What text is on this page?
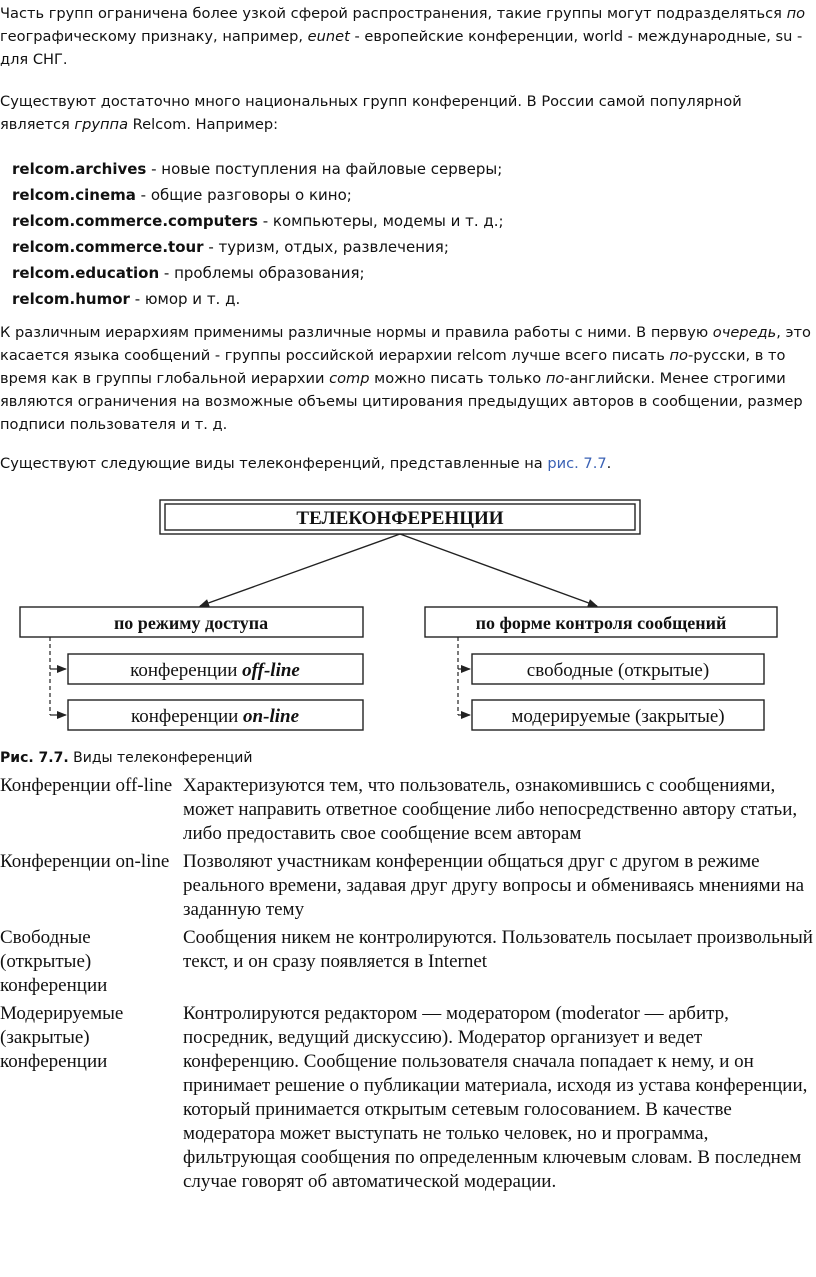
Часть групп ограничена более узкой сферой распространения, такие группы могут подразделяться по географическому признаку, например, eunet - европейские конференции, world - международные, su - для СНГ.

Существуют достаточно много национальных групп конференций. В России самой популярной является группа Relcom. Например:

relcom.archives - новые поступления на файловые серверы;
relcom.cinema - общие разговоры о кино;
relcom.commerce.computers - компьютеры, модемы и т. д.;
relcom.commerce.tour - туризм, отдых, развлечения;
relcom.education - проблемы образования;
relcom.humor - юмор и т. д.

К различным иерархиям применимы различные нормы и правила работы с ними. В первую очередь, это касается языка сообщений - группы российской иерархии relcom лучше всего писать по-русски, в то время как в группы глобальной иерархии comp можно писать только по-английски. Менее строгими являются ограничения на возможные объемы цитирования предыдущих авторов в сообщении, размер подписи пользователя и т. д.

Существуют следующие виды телеконференций, представленные на рис. 7.7.

ТЕЛЕКОНФЕРЕНЦИИ
по режиму доступа	по форме контроля сообщений
конференции off-line
конференции on-line
свободные (открытые)
модерируемые (закрытые)
Рис. 7.7. Виды телеконференций
Конференции off-line	Характеризуются тем, что пользователь, ознакомившись с сообщениями, может направить ответное сообщение либо непосредственно автору статьи, либо предоставить свое сообщение всем авторам
Конференции on-line	Позволяют участникам конференции общаться друг с другом в режиме реального времени, задавая друг другу вопросы и обмениваясь мнениями на заданную тему
Свободные (открытые) конференции	Сообщения никем не контролируются. Пользователь посылает произвольный текст, и он сразу появляется в Internet
Модерируемые (закрытые) конференции	Контролируются редактором — модератором (moderator — арбитр, посредник, ведущий дискуссию). Модератор организует и ведет конференцию. Сообщение пользователя сначала попадает к нему, и он принимает решение о публикации материала, исходя из устава конференции, который принимается открытым сетевым голосованием. В качестве модератора может выступать не только человек, но и программа, фильтрующая сообщения по определенным ключевым словам. В последнем случае говорят об автоматической модерации.
